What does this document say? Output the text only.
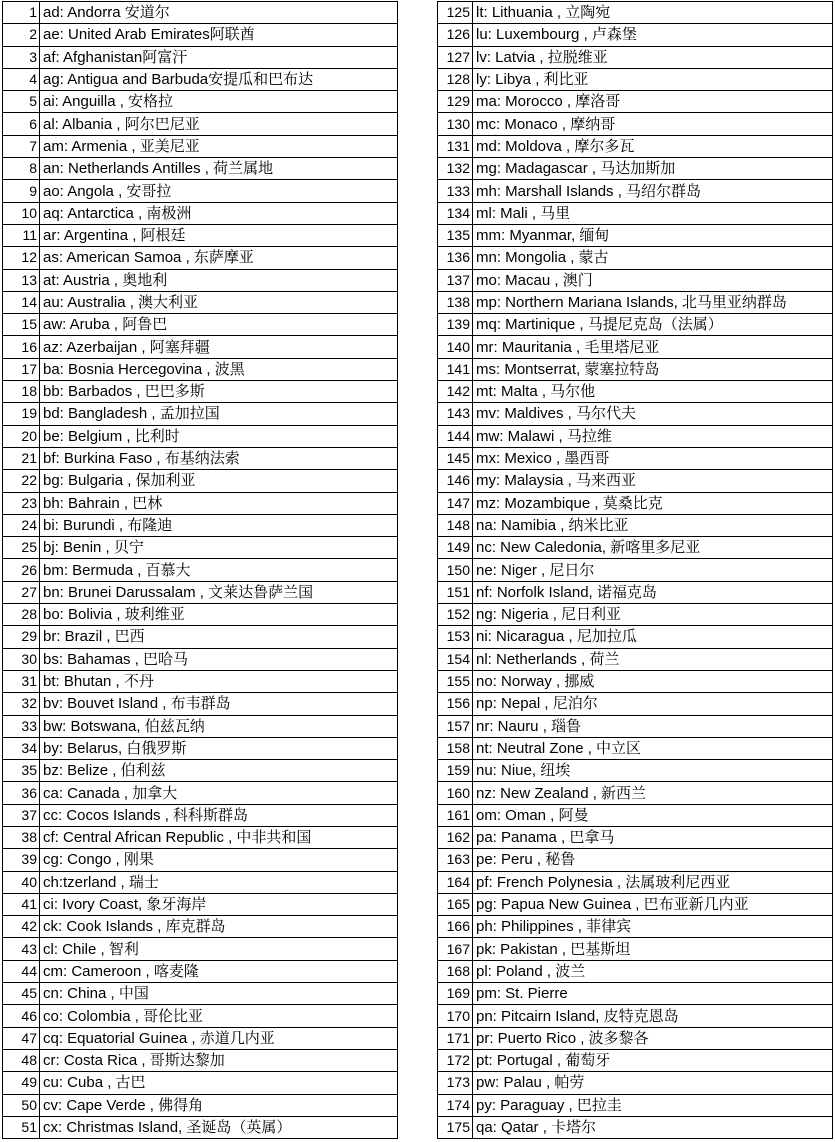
1	ad: Andorra 安道尔
2	ae: United Arab Emirates阿联酋
3	af: Afghanistan阿富汗
4	ag: Antigua and Barbuda安提瓜和巴布达
5	ai: Anguilla , 安格拉
6	al: Albania , 阿尔巴尼亚
7	am: Armenia , 亚美尼亚
8	an: Netherlands Antilles , 荷兰属地
9	ao: Angola , 安哥拉
10	aq: Antarctica , 南极洲
11	ar: Argentina , 阿根廷
12	as: American Samoa , 东萨摩亚
13	at: Austria , 奥地利
14	au: Australia , 澳大利亚
15	aw: Aruba , 阿鲁巴
16	az: Azerbaijan , 阿塞拜疆
17	ba: Bosnia Hercegovina , 波黑
18	bb: Barbados , 巴巴多斯
19	bd: Bangladesh , 孟加拉国
20	be: Belgium , 比利时
21	bf: Burkina Faso , 布基纳法索
22	bg: Bulgaria , 保加利亚
23	bh: Bahrain , 巴林
24	bi: Burundi , 布隆迪
25	bj: Benin , 贝宁
26	bm: Bermuda , 百慕大
27	bn: Brunei Darussalam , 文莱达鲁萨兰国
28	bo: Bolivia , 玻利维亚
29	br: Brazil , 巴西
30	bs: Bahamas , 巴哈马
31	bt: Bhutan , 不丹
32	bv: Bouvet Island , 布韦群岛
33	bw: Botswana, 伯兹瓦纳
34	by: Belarus, 白俄罗斯
35	bz: Belize , 伯利兹
36	ca: Canada , 加拿大
37	cc: Cocos Islands , 科科斯群岛
38	cf: Central African Republic , 中非共和国
39	cg: Congo , 刚果
40	ch:tzerland , 瑞士
41	ci: Ivory Coast, 象牙海岸
42	ck: Cook Islands , 库克群岛
43	cl: Chile , 智利
44	cm: Cameroon , 喀麦隆
45	cn: China , 中国
46	co: Colombia , 哥伦比亚
47	cq: Equatorial Guinea , 赤道几内亚
48	cr: Costa Rica , 哥斯达黎加
49	cu: Cuba , 古巴
50	cv: Cape Verde , 佛得角
51	cx: Christmas Island, 圣诞岛（英属）
125	lt: Lithuania , 立陶宛
126	lu: Luxembourg , 卢森堡
127	lv: Latvia , 拉脱维亚
128	ly: Libya , 利比亚
129	ma: Morocco , 摩洛哥
130	mc: Monaco , 摩纳哥
131	md: Moldova , 摩尔多瓦
132	mg: Madagascar , 马达加斯加
133	mh: Marshall Islands , 马绍尔群岛
134	ml: Mali , 马里
135	mm: Myanmar, 缅甸
136	mn: Mongolia , 蒙古
137	mo: Macau , 澳门
138	mp: Northern Mariana Islands, 北马里亚纳群岛
139	mq: Martinique , 马提尼克岛（法属）
140	mr: Mauritania , 毛里塔尼亚
141	ms: Montserrat, 蒙塞拉特岛
142	mt: Malta , 马尔他
143	mv: Maldives , 马尔代夫
144	mw: Malawi , 马拉维
145	mx: Mexico , 墨西哥
146	my: Malaysia , 马来西亚
147	mz: Mozambique , 莫桑比克
148	na: Namibia , 纳米比亚
149	nc: New Caledonia, 新喀里多尼亚
150	ne: Niger , 尼日尔
151	nf: Norfolk Island, 诺福克岛
152	ng: Nigeria , 尼日利亚
153	ni: Nicaragua , 尼加拉瓜
154	nl: Netherlands , 荷兰
155	no: Norway , 挪威
156	np: Nepal , 尼泊尔
157	nr: Nauru , 瑙鲁
158	nt: Neutral Zone , 中立区
159	nu: Niue, 纽埃
160	nz: New Zealand , 新西兰
161	om: Oman , 阿曼
162	pa: Panama , 巴拿马
163	pe: Peru , 秘鲁
164	pf: French Polynesia , 法属玻利尼西亚
165	pg: Papua New Guinea , 巴布亚新几内亚
166	ph: Philippines , 菲律宾
167	pk: Pakistan , 巴基斯坦
168	pl: Poland , 波兰
169	pm: St. Pierre
170	pn: Pitcairn Island, 皮特克恩岛
171	pr: Puerto Rico , 波多黎各
172	pt: Portugal , 葡萄牙
173	pw: Palau , 帕劳
174	py: Paraguay , 巴拉圭
175	qa: Qatar , 卡塔尔
